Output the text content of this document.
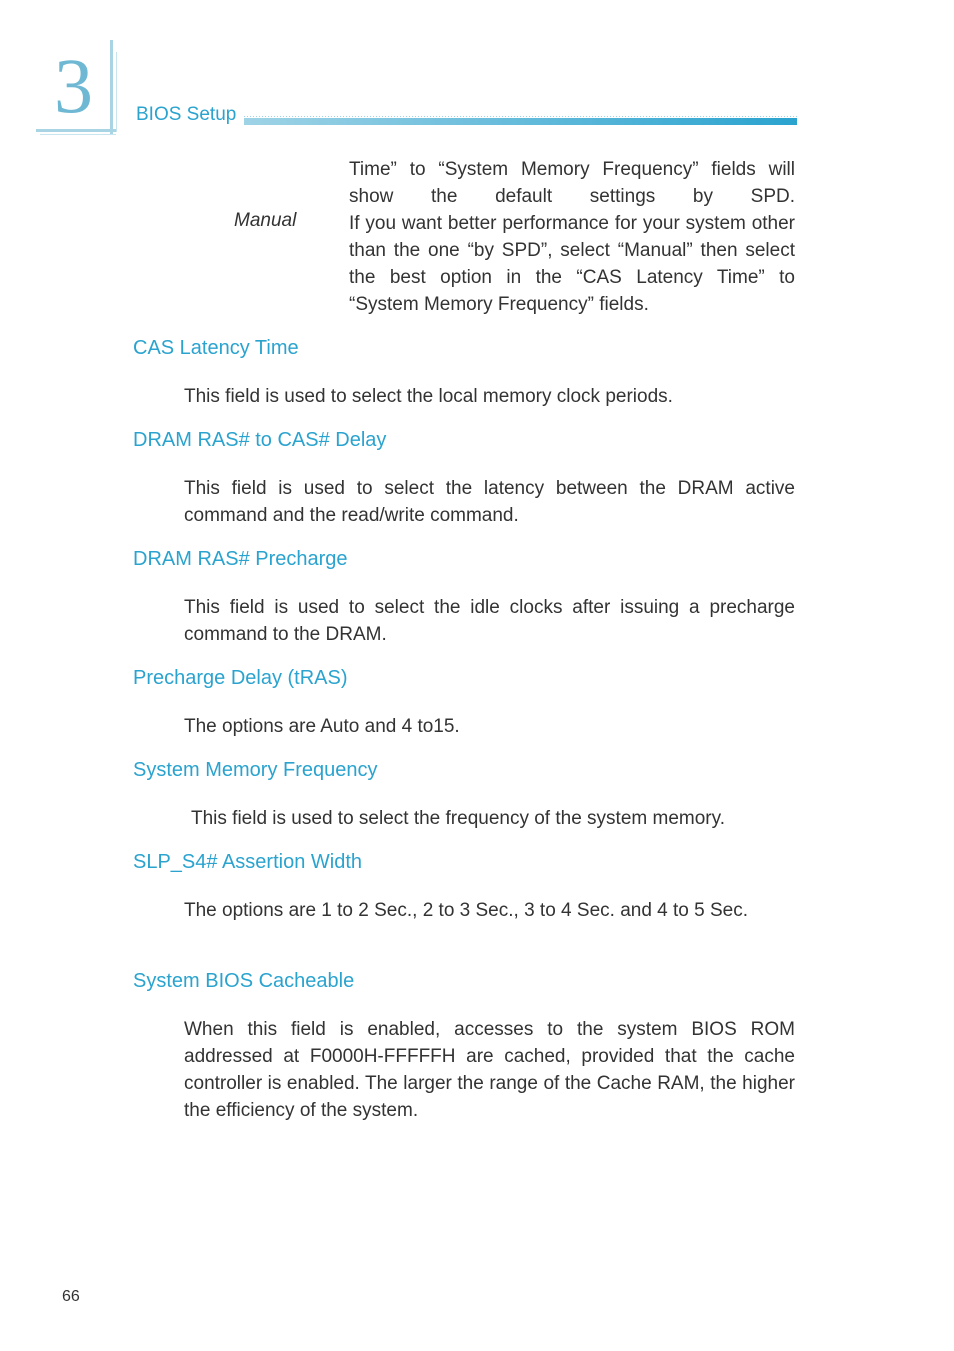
3 BIOS Setup
Time” to “System Memory Frequency” fields will show the default settings by SPD.
Manual	If you want better performance for your system other than the one “by SPD”, select “Manual” then select the best option in the “CAS Latency Time” to “System Memory Frequency” fields.
CAS Latency Time
This field is used to select the local memory clock periods.
DRAM RAS# to CAS# Delay
This field is used to select the latency between the DRAM active command and the read/write command.
DRAM RAS# Precharge
This field is used to select the idle clocks after issuing a precharge command to the DRAM.
Precharge Delay (tRAS)
The options are Auto and 4 to15.
System Memory Frequency
This field is used to select the frequency of the system memory.
SLP_S4# Assertion Width
The options are 1 to 2 Sec., 2 to 3 Sec., 3 to 4 Sec. and 4 to 5 Sec.
System BIOS Cacheable
When this field is enabled, accesses to the system BIOS ROM addressed at F0000H-FFFFFH are cached, provided that the cache controller is enabled. The larger the range of the Cache RAM, the higher the efficiency of the system.
66
